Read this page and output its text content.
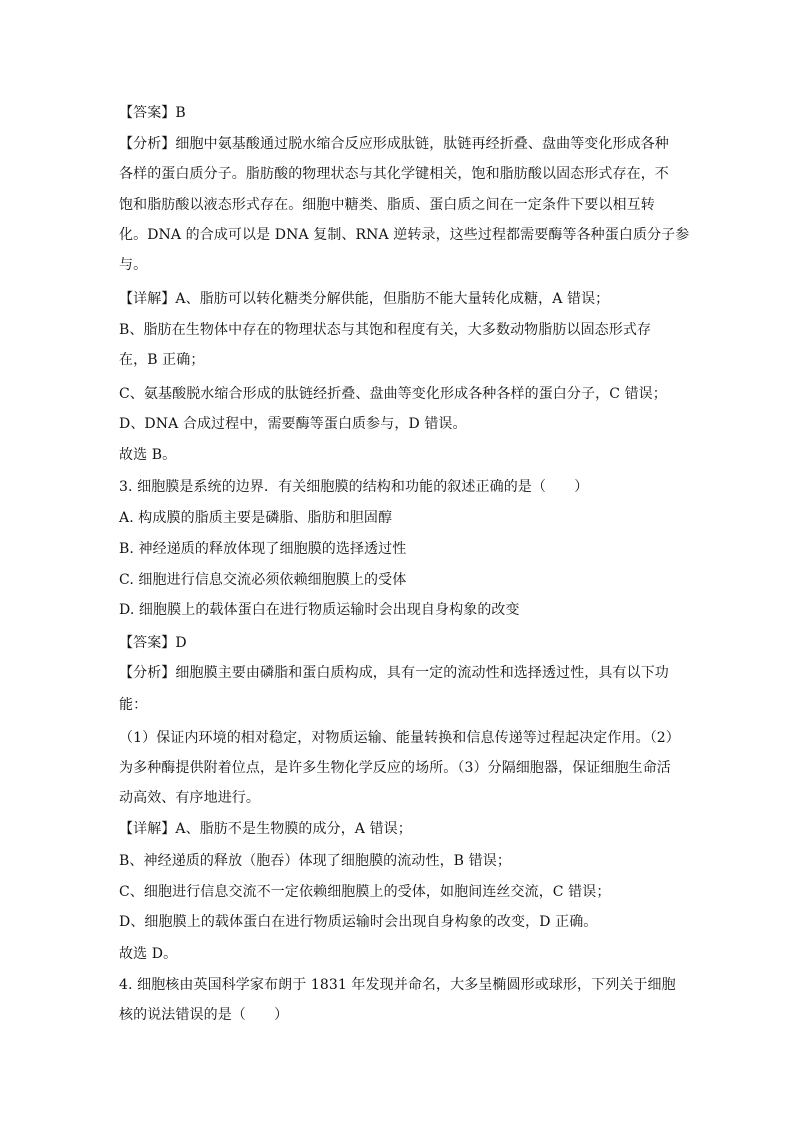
【答案】B
【分析】细胞中氨基酸通过脱水缩合反应形成肽链，肽链再经折叠、盘曲等变化形成各种
各样的蛋白质分子。脂肪酸的物理状态与其化学键相关，饱和脂肪酸以固态形式存在，不
饱和脂肪酸以液态形式存在。细胞中糖类、脂质、蛋白质之间在一定条件下要以相互转
化。DNA 的合成可以是 DNA 复制、RNA 逆转录，这些过程都需要酶等各种蛋白质分子参
与。
【详解】A、脂肪可以转化糖类分解供能，但脂肪不能大量转化成糖，A 错误；
B、脂肪在生物体中存在的物理状态与其饱和程度有关，大多数动物脂肪以固态形式存
在，B 正确；
C、氨基酸脱水缩合形成的肽链经折叠、盘曲等变化形成各种各样的蛋白分子，C 错误；
D、DNA 合成过程中，需要酶等蛋白质参与，D 错误。
故选 B。
3. 细胞膜是系统的边界．有关细胞膜的结构和功能的叙述正确的是（　　）
A. 构成膜的脂质主要是磷脂、脂肪和胆固醇
B. 神经递质的释放体现了细胞膜的选择透过性
C. 细胞进行信息交流必须依赖细胞膜上的受体
D. 细胞膜上的载体蛋白在进行物质运输时会出现自身构象的改变
【答案】D
【分析】细胞膜主要由磷脂和蛋白质构成，具有一定的流动性和选择透过性，具有以下功
能：
（1）保证内环境的相对稳定，对物质运输、能量转换和信息传递等过程起决定作用。（2）
为多种酶提供附着位点，是许多生物化学反应的场所。（3）分隔细胞器，保证细胞生命活
动高效、有序地进行。
【详解】A、脂肪不是生物膜的成分，A 错误；
B、神经递质的释放（胞吞）体现了细胞膜的流动性，B 错误；
C、细胞进行信息交流不一定依赖细胞膜上的受体，如胞间连丝交流，C 错误；
D、细胞膜上的载体蛋白在进行物质运输时会出现自身构象的改变，D 正确。
故选 D。
4. 细胞核由英国科学家布朗于 1831 年发现并命名，大多呈椭圆形或球形，下列关于细胞
核的说法错误的是（　　）
